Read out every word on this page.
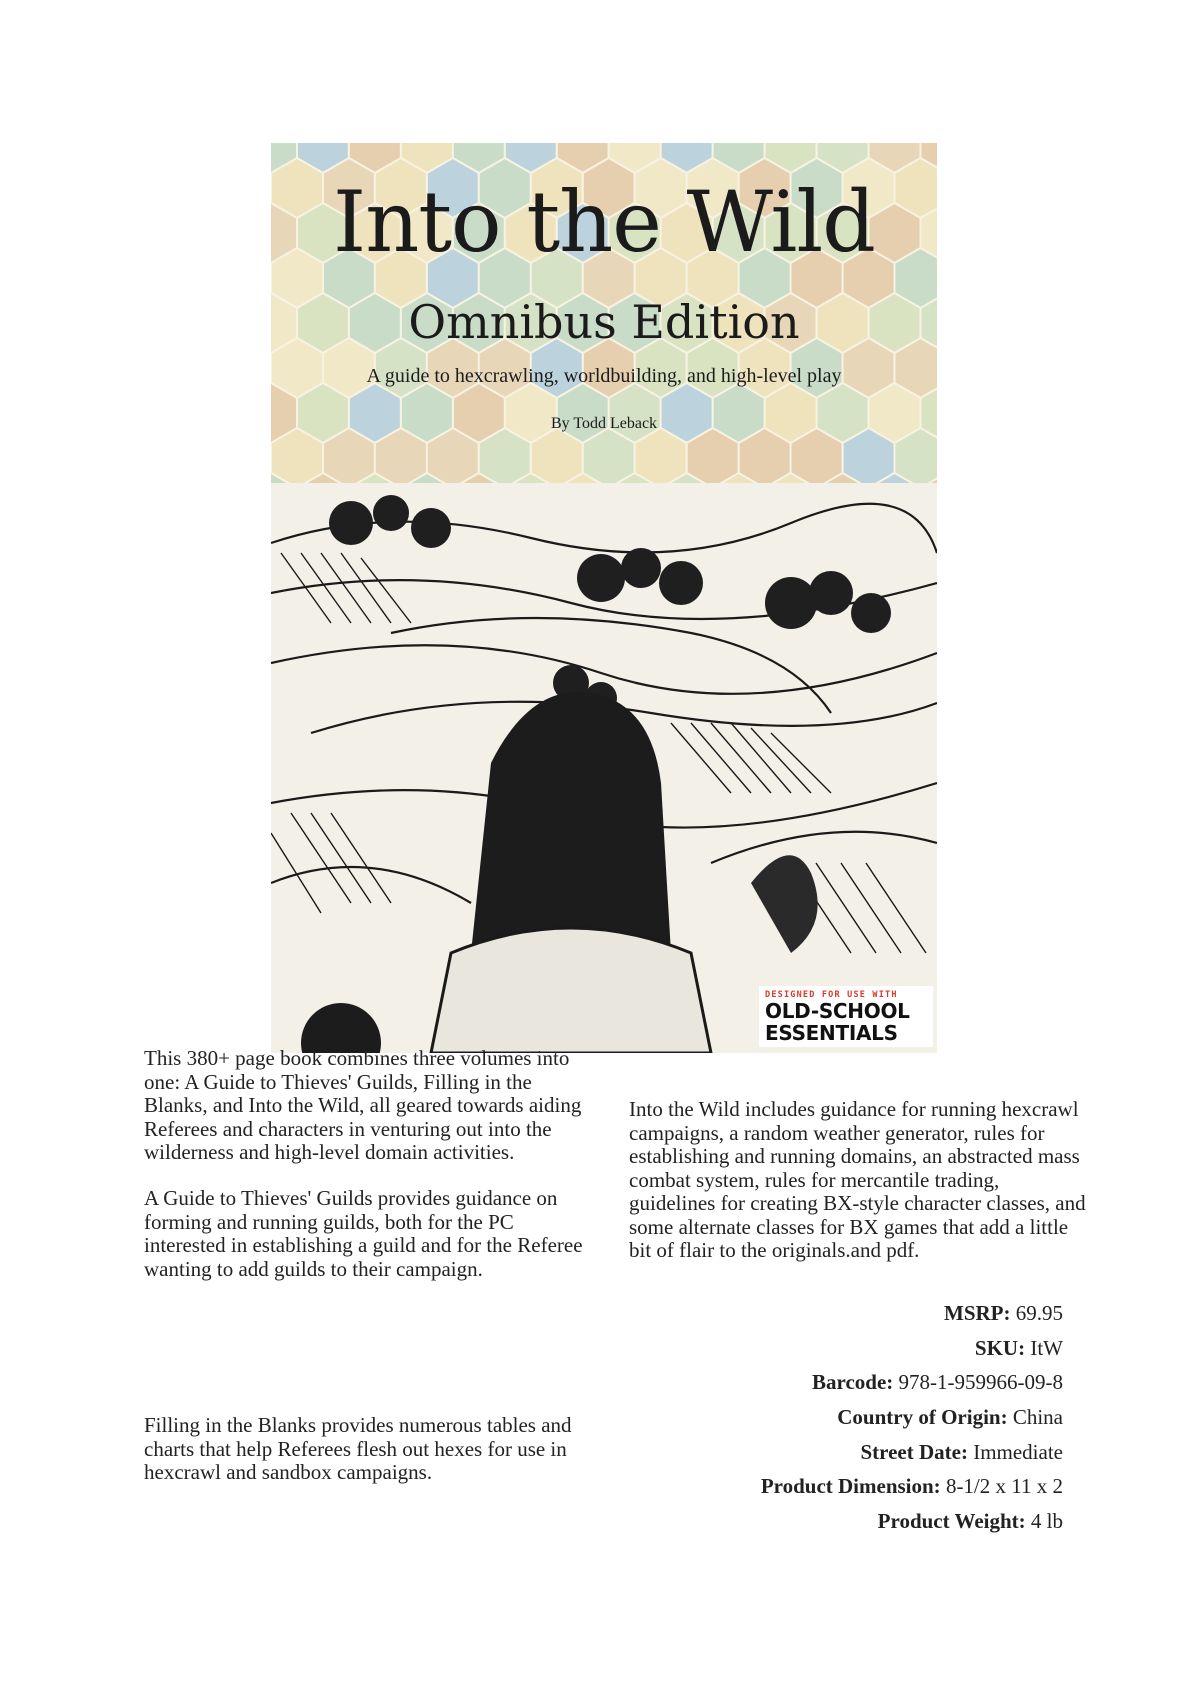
Into the Wild
Omnibus Edition
A guide to hexcrawling, worldbuilding, and high-level play
By Todd Leback
DESIGNED FOR USE WITH
OLD-SCHOOL
ESSENTIALS

This 380+ page book combines three volumes into one: A Guide to Thieves' Guilds, Filling in the Blanks, and Into the Wild, all geared towards aiding Referees and characters in venturing out into the wilderness and high-level domain activities.

A Guide to Thieves' Guilds provides guidance on forming and running guilds, both for the PC interested in establishing a guild and for the Referee wanting to add guilds to their campaign.

Filling in the Blanks provides numerous tables and charts that help Referees flesh out hexes for use in hexcrawl and sandbox campaigns.

Into the Wild includes guidance for running hexcrawl campaigns, a random weather generator, rules for establishing and running domains, an abstracted mass combat system, rules for mercantile trading, guidelines for creating BX-style character classes, and some alternate classes for BX games that add a little bit of flair to the originals.and pdf.

MSRP: 69.95
SKU: ItW
Barcode: 978-1-959966-09-8
Country of Origin: China
Street Date: Immediate
Product Dimension: 8-1/2 x 11 x 2
Product Weight: 4 lb
